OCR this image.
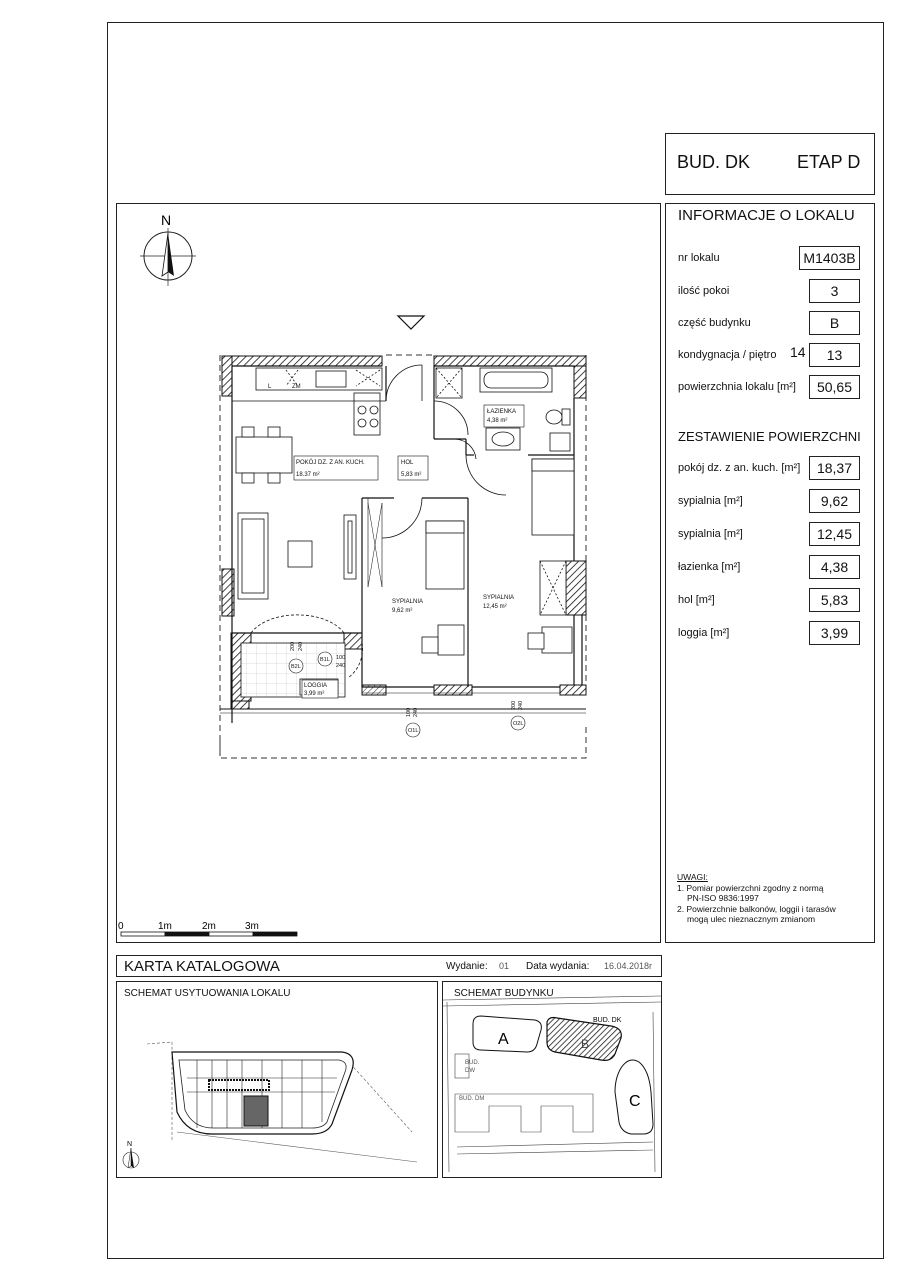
BUD. DK	ETAP D
INFORMACJE O LOKALU
nr lokalu	M1403B
ilość pokoi	3
część budynku	B
kondygnacja / piętro 14	13
powierzchnia lokalu [m²]	50,65
ZESTAWIENIE POWIERZCHNI
pokój dz. z an. kuch. [m²]	18,37
sypialnia [m²]	9,62
sypialnia [m²]	12,45
łazienka [m²]	4,38
hol [m²]	5,83
loggia [m²]	3,99
UWAGI:
1. Pomiar powierzchni zgodny z normą
PN-ISO 9836:1997
2. Powierzchnie balkonów, loggii i tarasów
mogą ulec nieznacznym zmianom
N
L	ZM
POKÓJ DZ. Z AN. KUCH.
18.37 m²
HOL
5,83 m²
ŁAZIENKA
4,38 m²
SYPIALNIA
9,62 m²
SYPIALNIA
12,45 m²
LOGGIA
3,99 m²
B2L
B1L
O1L
O2L
200 240
100
240
100 240
200 240
0	1m	2m	3m
KARTA KATALOGOWA	Wydanie: 01 Data wydania: 16.04.2018r
SCHEMAT USYTUOWANIA LOKALU
N
SCHEMAT BUDYNKU
A	B
C
BUD. DK
BUD.
DW
BUD. DM
